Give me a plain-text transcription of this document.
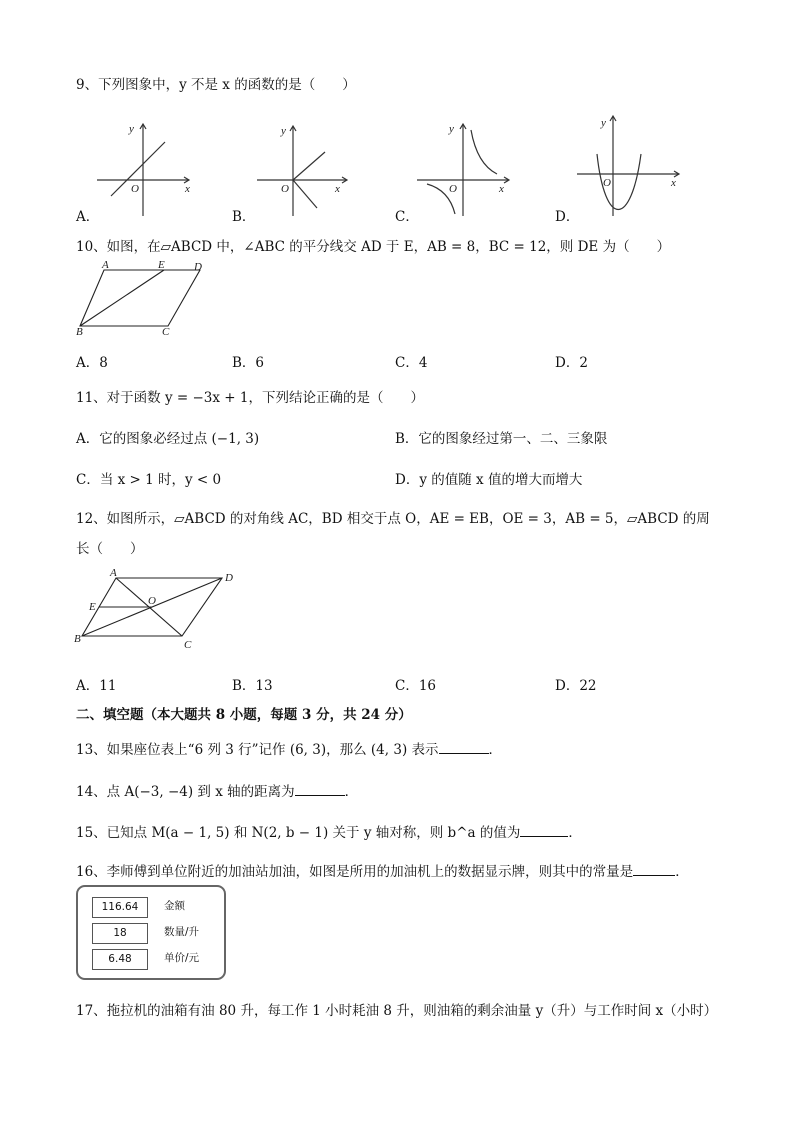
9、下列图象中，y 不是 x 的函数的是（　　）
y
x
O
y
x
O
y
x
O
y
x
O
A．	B．	C．	D．
10、如图，在▱ABCD 中，∠ABC 的平分线交 AD 于 E，AB = 8，BC = 12，则 DE 为（　　）
A	E	D
B	C
A．8	B．6	C．4	D．2
11、对于函数 y = −3x + 1，下列结论正确的是（　　）
A．它的图象必经过点 (−1, 3)	B．它的图象经过第一、二、三象限
C．当 x > 1 时，y < 0	D．y 的值随 x 值的增大而增大
12、如图所示，▱ABCD 的对角线 AC，BD 相交于点 O，AE = EB，OE = 3，AB = 5，▱ABCD 的周
长（　　）
A	D
E	O
B	C
A．11	B．13	C．16	D．22
二、填空题（本大题共 8 小题，每题 3 分，共 24 分）
13、如果座位表上“6 列 3 行”记作 (6, 3)，那么 (4, 3) 表示	．
14、点 A(−3, −4) 到 x 轴的距离为	．
15、已知点 M(a − 1, 5) 和 N(2, b − 1) 关于 y 轴对称，则 b^a 的值为	．
16、李师傅到单位附近的加油站加油，如图是所用的加油机上的数据显示牌，则其中的常量是	．
116.64	金额
18	数量/升
6.48	单价/元
17、拖拉机的油箱有油 80 升，每工作 1 小时耗油 8 升，则油箱的剩余油量 y（升）与工作时间 x（小时）
